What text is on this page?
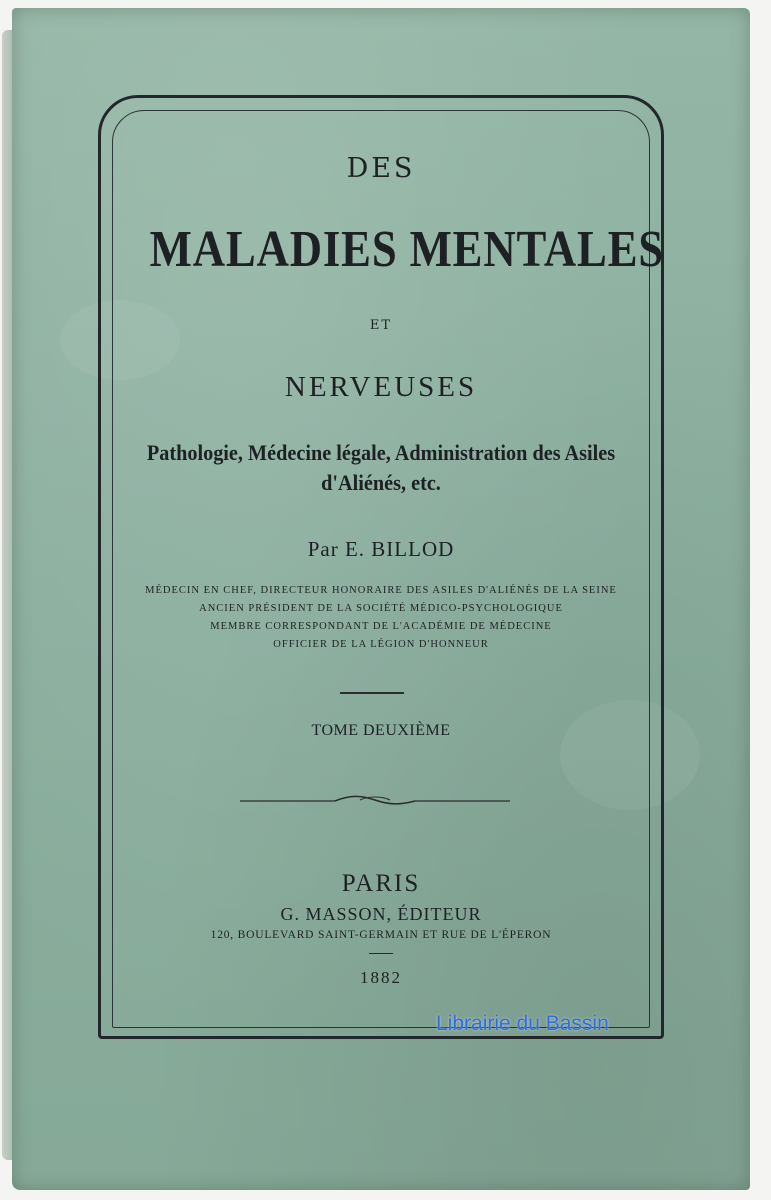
DES
MALADIES MENTALES
ET
NERVEUSES
Pathologie, Médecine légale, Administration des Asiles
d'Aliénés, etc.
Par E. BILLOD
MÉDECIN EN CHEF, DIRECTEUR HONORAIRE DES ASILES D'ALIÉNÉS DE LA SEINE
ANCIEN PRÉSIDENT DE LA SOCIÉTÉ MÉDICO-PSYCHOLOGIQUE
MEMBRE CORRESPONDANT DE L'ACADÉMIE DE MÉDECINE
OFFICIER DE LA LÉGION D'HONNEUR
TOME DEUXIÈME
PARIS
G. MASSON, ÉDITEUR
120, BOULEVARD SAINT-GERMAIN ET RUE DE L'ÉPERON
1882
Librairie du Bassin
